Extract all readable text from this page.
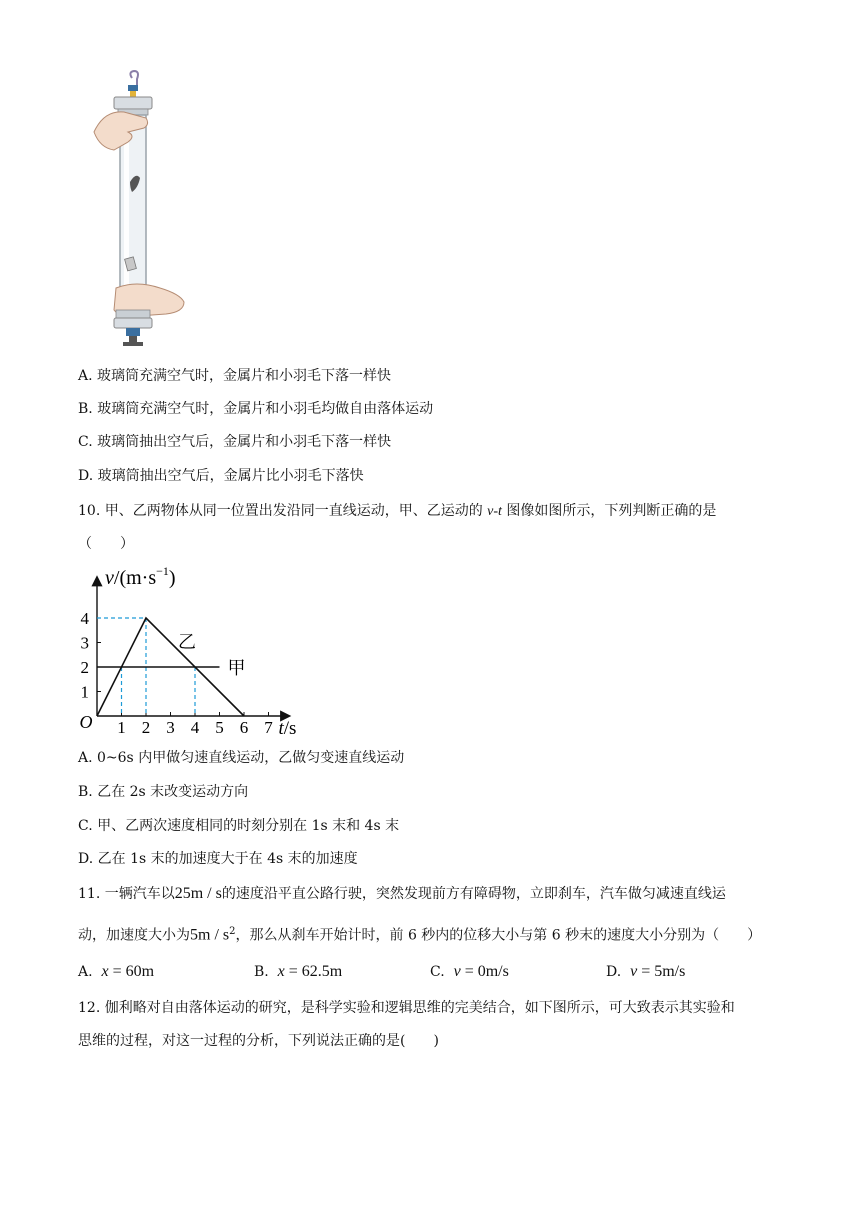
A. 玻璃筒充满空气时，金属片和小羽毛下落一样快
B. 玻璃筒充满空气时，金属片和小羽毛均做自由落体运动
C. 玻璃筒抽出空气后，金属片和小羽毛下落一样快
D. 玻璃筒抽出空气后，金属片比小羽毛下落快
10. 甲、乙两物体从同一位置出发沿同一直线运动，甲、乙运动的 v-t 图像如图所示，下列判断正确的是
（　　）
1 2 3 4 5 6 7
1
2
3
4
O
$v/(m\cdot s^{-1})$
t/s
甲
乙
A. 0~6s 内甲做匀速直线运动，乙做匀变速直线运动
B. 乙在 2s 末改变运动方向
C. 甲、乙两次速度相同的时刻分别在 1s 末和 4s 末
D. 乙在 1s 末的加速度大于在 4s 末的加速度
11. 一辆汽车以25m / s的速度沿平直公路行驶，突然发现前方有障碍物，立即刹车，汽车做匀减速直线运
动，加速度大小为$5m / s^2$，那么从刹车开始计时，前 6 秒内的位移大小与第 6 秒末的速度大小分别为（　　）
A. x = 60m	B. x = 62.5m	C. v = 0m/s	D. v = 5m/s
12. 伽利略对自由落体运动的研究，是科学实验和逻辑思维的完美结合，如下图所示，可大致表示其实验和
思维的过程，对这一过程的分析，下列说法正确的是(　　)
